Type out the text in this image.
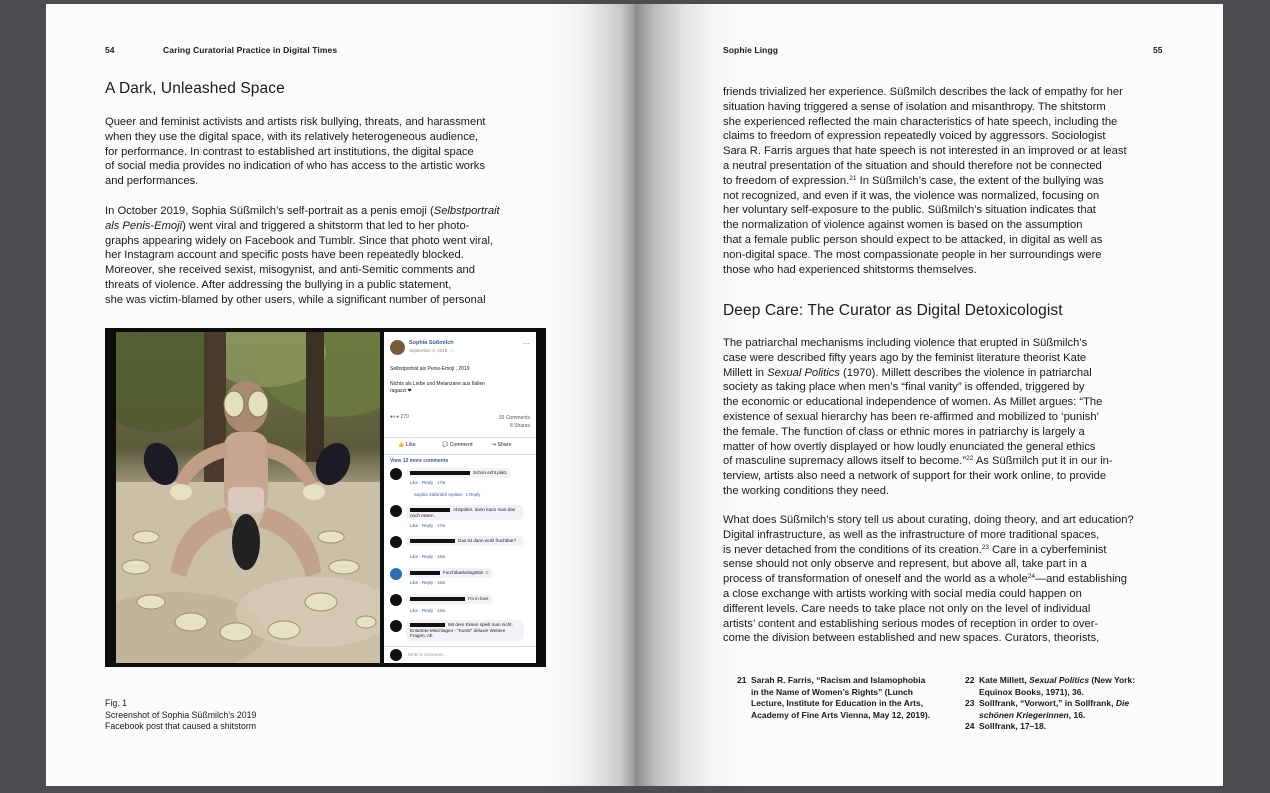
54	Caring Curatorial Practice in Digital Times
A Dark, Unleashed Space

Queer and feminist activists and artists risk bullying, threats, and harassment
when they use the digital space, with its relatively heterogeneous audience,
for performance. In contrast to established art institutions, the digital space
of social media provides no indication of who has access to the artistic works
and performances.

In October 2019, Sophia Süßmilch’s self-portrait as a penis emoji (Selbstportrait
als Penis-Emoji) went viral and triggered a shitstorm that led to her photo-
graphs appearing widely on Facebook and Tumblr. Since that photo went viral,
her Instagram account and specific posts have been repeatedly blocked.
Moreover, she received sexist, misogynist, and anti-Semitic comments and
threats of violence. After addressing the bullying in a public statement,
she was victim-blamed by other users, while a significant number of personal

Sophia Süßmilch
September 4, 2019 · ○
⋯
Selbstporträt als Penis-Emoji , 2019
Nichts als Liebe und Melanzane aus Italien
ragazzi ❤
●●● 270	33 Comments
8 Shares
👍 Like	💬 Comment	↪ Share
View 12 more comments
Schon echt platt.
Like · Reply · 17w
Sophia Süßmilch replied · 1 Reply
Abspülen, dann kann man das noch essen.
Like · Reply · 17w
Das ist dann wohl fruchtbar?
Like · Reply · 16w
Furchtbarkeitsgöttin ☺
Like · Reply · 16w
I'm in love
Like · Reply · 13w
Mit dem Essen spielt man nicht. Entartete Mischlagen - "Kunst" deluxe! Weitere Fragen: Ab
Write a comment...

Fig. 1
Screenshot of Sophia Süßmilch’s 2019
Facebook post that caused a shitstorm

Sophie Lingg	55

friends trivialized her experience. Süßmilch describes the lack of empathy for her
situation having triggered a sense of isolation and misanthropy. The shitstorm
she experienced reflected the main characteristics of hate speech, including the
claims to freedom of expression repeatedly voiced by aggressors. Sociologist
Sara R. Farris argues that hate speech is not interested in an improved or at least
a neutral presentation of the situation and should therefore not be connected
to freedom of expression.$^{21}$ In Süßmilch’s case, the extent of the bullying was
not recognized, and even if it was, the violence was normalized, focusing on
her voluntary self-exposure to the public. Süßmilch’s situation indicates that
the normalization of violence against women is based on the assumption
that a female public person should expect to be attacked, in digital as well as
non-digital space. The most compassionate people in her surroundings were
those who had experienced shitstorms themselves.

Deep Care: The Curator as Digital Detoxicologist

The patriarchal mechanisms including violence that erupted in Süßmilch’s
case were described fifty years ago by the feminist literature theorist Kate
Millett in Sexual Politics (1970). Millett describes the violence in patriarchal
society as taking place when men’s “final vanity” is offended, triggered by
the economic or educational independence of women. As Millet argues: “The
existence of sexual hierarchy has been re-affirmed and mobilized to ‘punish’
the female. The function of class or ethnic mores in patriarchy is largely a
matter of how overtly displayed or how loudly enunciated the general ethics
of masculine supremacy allows itself to become.”$^{22}$ As Süßmilch put it in our in-
terview, artists also need a network of support for their work online, to provide
the working conditions they need.

What does Süßmilch’s story tell us about curating, doing theory, and art education?
Digital infrastructure, as well as the infrastructure of more traditional spaces,
is never detached from the conditions of its creation.$^{23}$ Care in a cyberfeminist
sense should not only observe and represent, but above all, take part in a
process of transformation of oneself and the world as a whole$^{24}$—and establishing
a close exchange with artists working with social media could happen on
different levels. Care needs to take place not only on the level of individual
artists’ content and establishing serious modes of reception in order to over-
come the division between established and new spaces. Curators, theorists,

21 Sarah R. Farris, “Racism and Islamophobia
in the Name of Women’s Rights” (Lunch
Lecture, Institute for Education in the Arts,
Academy of Fine Arts Vienna, May 12, 2019).
22 Kate Millett, Sexual Politics (New York:
Equinox Books, 1971), 36.
23 Sollfrank, “Vorwort,” in Sollfrank, Die
schönen Kriegerinnen, 16.
24 Sollfrank, 17–18.
